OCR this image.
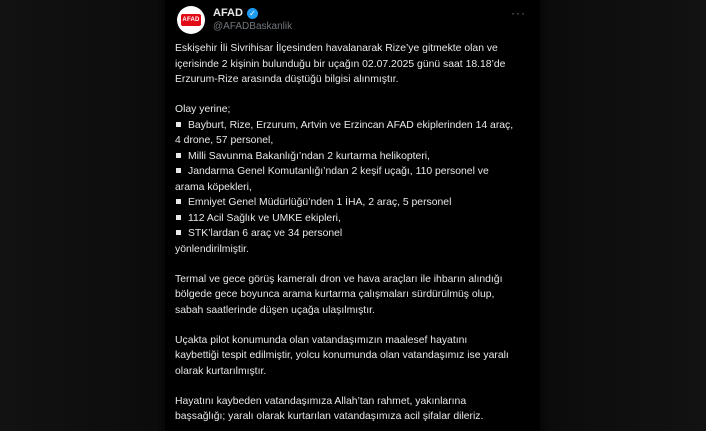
AFAD
AFAD ✓
@AFADBaskanlik
···

Eskişehir İli Sivrihisar İlçesinden havalanarak Rize’ye gitmekte olan ve
içerisinde 2 kişinin bulunduğu bir uçağın 02.07.2025 günü saat 18.18’de
Erzurum-Rize arasında düştüğü bilgisi alınmıştır.

Olay yerine;

Bayburt, Rize, Erzurum, Artvin ve Erzincan AFAD ekiplerinden 14 araç,
4 drone, 57 personel,

Milli Savunma Bakanlığı’ndan 2 kurtarma helikopteri,

Jandarma Genel Komutanlığı’ndan 2 keşif uçağı, 110 personel ve
arama köpekleri,

Emniyet Genel Müdürlüğü’nden 1 İHA, 2 araç, 5 personel

112 Acil Sağlık ve UMKE ekipleri,

STK’lardan 6 araç ve 34 personel
yönlendirilmiştir.

Termal ve gece görüş kameralı dron ve hava araçları ile ihbarın alındığı
bölgede gece boyunca arama kurtarma çalışmaları sürdürülmüş olup,
sabah saatlerinde düşen uçağa ulaşılmıştır.

Uçakta pilot konumunda olan vatandaşımızın maalesef hayatını
kaybettiği tespit edilmiştir, yolcu konumunda olan vatandaşımız ise yaralı
olarak kurtarılmıştır.

Hayatını kaybeden vatandaşımıza Allah’tan rahmet, yakınlarına
başsağlığı; yaralı olarak kurtarılan vatandaşımıza acil şifalar dileriz.
